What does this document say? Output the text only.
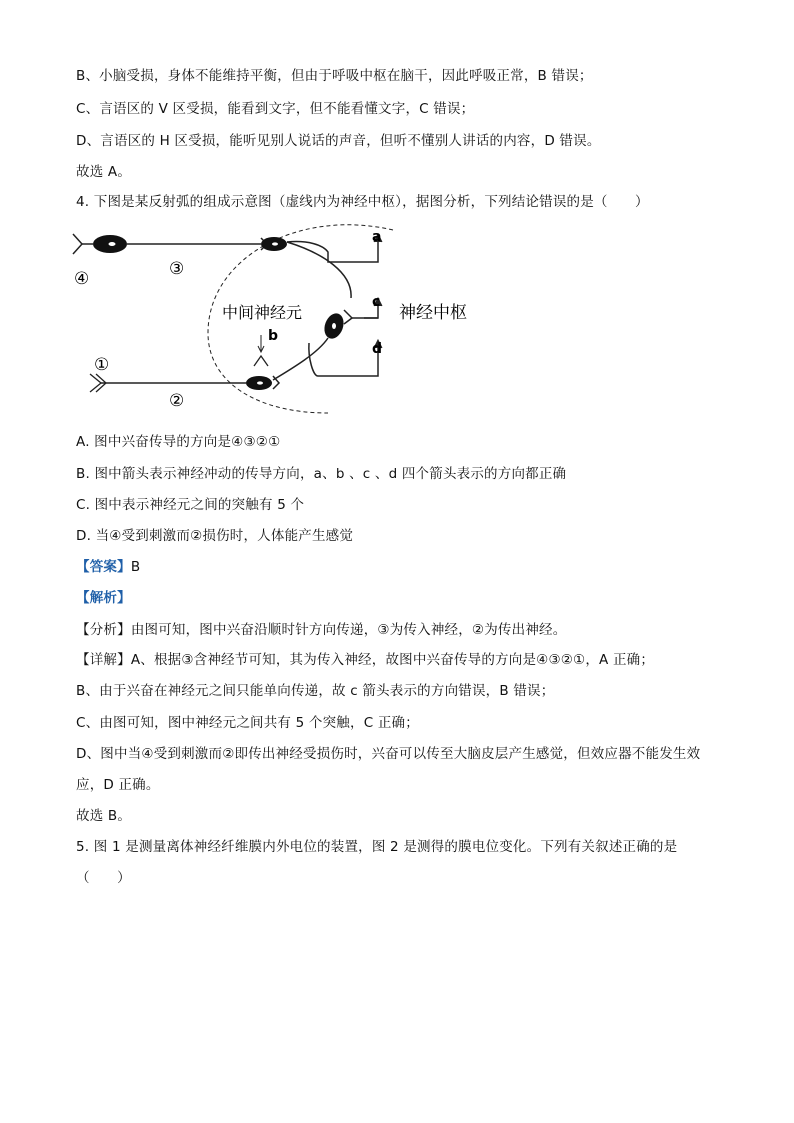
B、小脑受损，身体不能维持平衡，但由于呼吸中枢在脑干，因此呼吸正常，B 错误；
C、言语区的 V 区受损，能看到文字，但不能看懂文字，C 错误；
D、言语区的 H 区受损，能听见别人说话的声音，但听不懂别人讲话的内容，D 错误。
故选 A。
4. 下图是某反射弧的组成示意图（虚线内为神经中枢），据图分析，下列结论错误的是（　　）
④	③
①
②
a
b
c
d
中间神经元	神经中枢
A. 图中兴奋传导的方向是④③②①
B. 图中箭头表示神经冲动的传导方向，a、b 、c 、d 四个箭头表示的方向都正确
C. 图中表示神经元之间的突触有 5 个
D. 当④受到刺激而②损伤时，人体能产生感觉
【答案】B
【解析】
【分析】由图可知，图中兴奋沿顺时针方向传递，③为传入神经，②为传出神经。
【详解】A、根据③含神经节可知，其为传入神经，故图中兴奋传导的方向是④③②①，A 正确；
B、由于兴奋在神经元之间只能单向传递，故 c 箭头表示的方向错误，B 错误；
C、由图可知，图中神经元之间共有 5 个突触，C 正确；
D、图中当④受到刺激而②即传出神经受损伤时，兴奋可以传至大脑皮层产生感觉，但效应器不能发生效
应，D 正确。
故选 B。
5. 图 1 是测量离体神经纤维膜内外电位的装置，图 2 是测得的膜电位变化。下列有关叙述正确的是
（　　）
